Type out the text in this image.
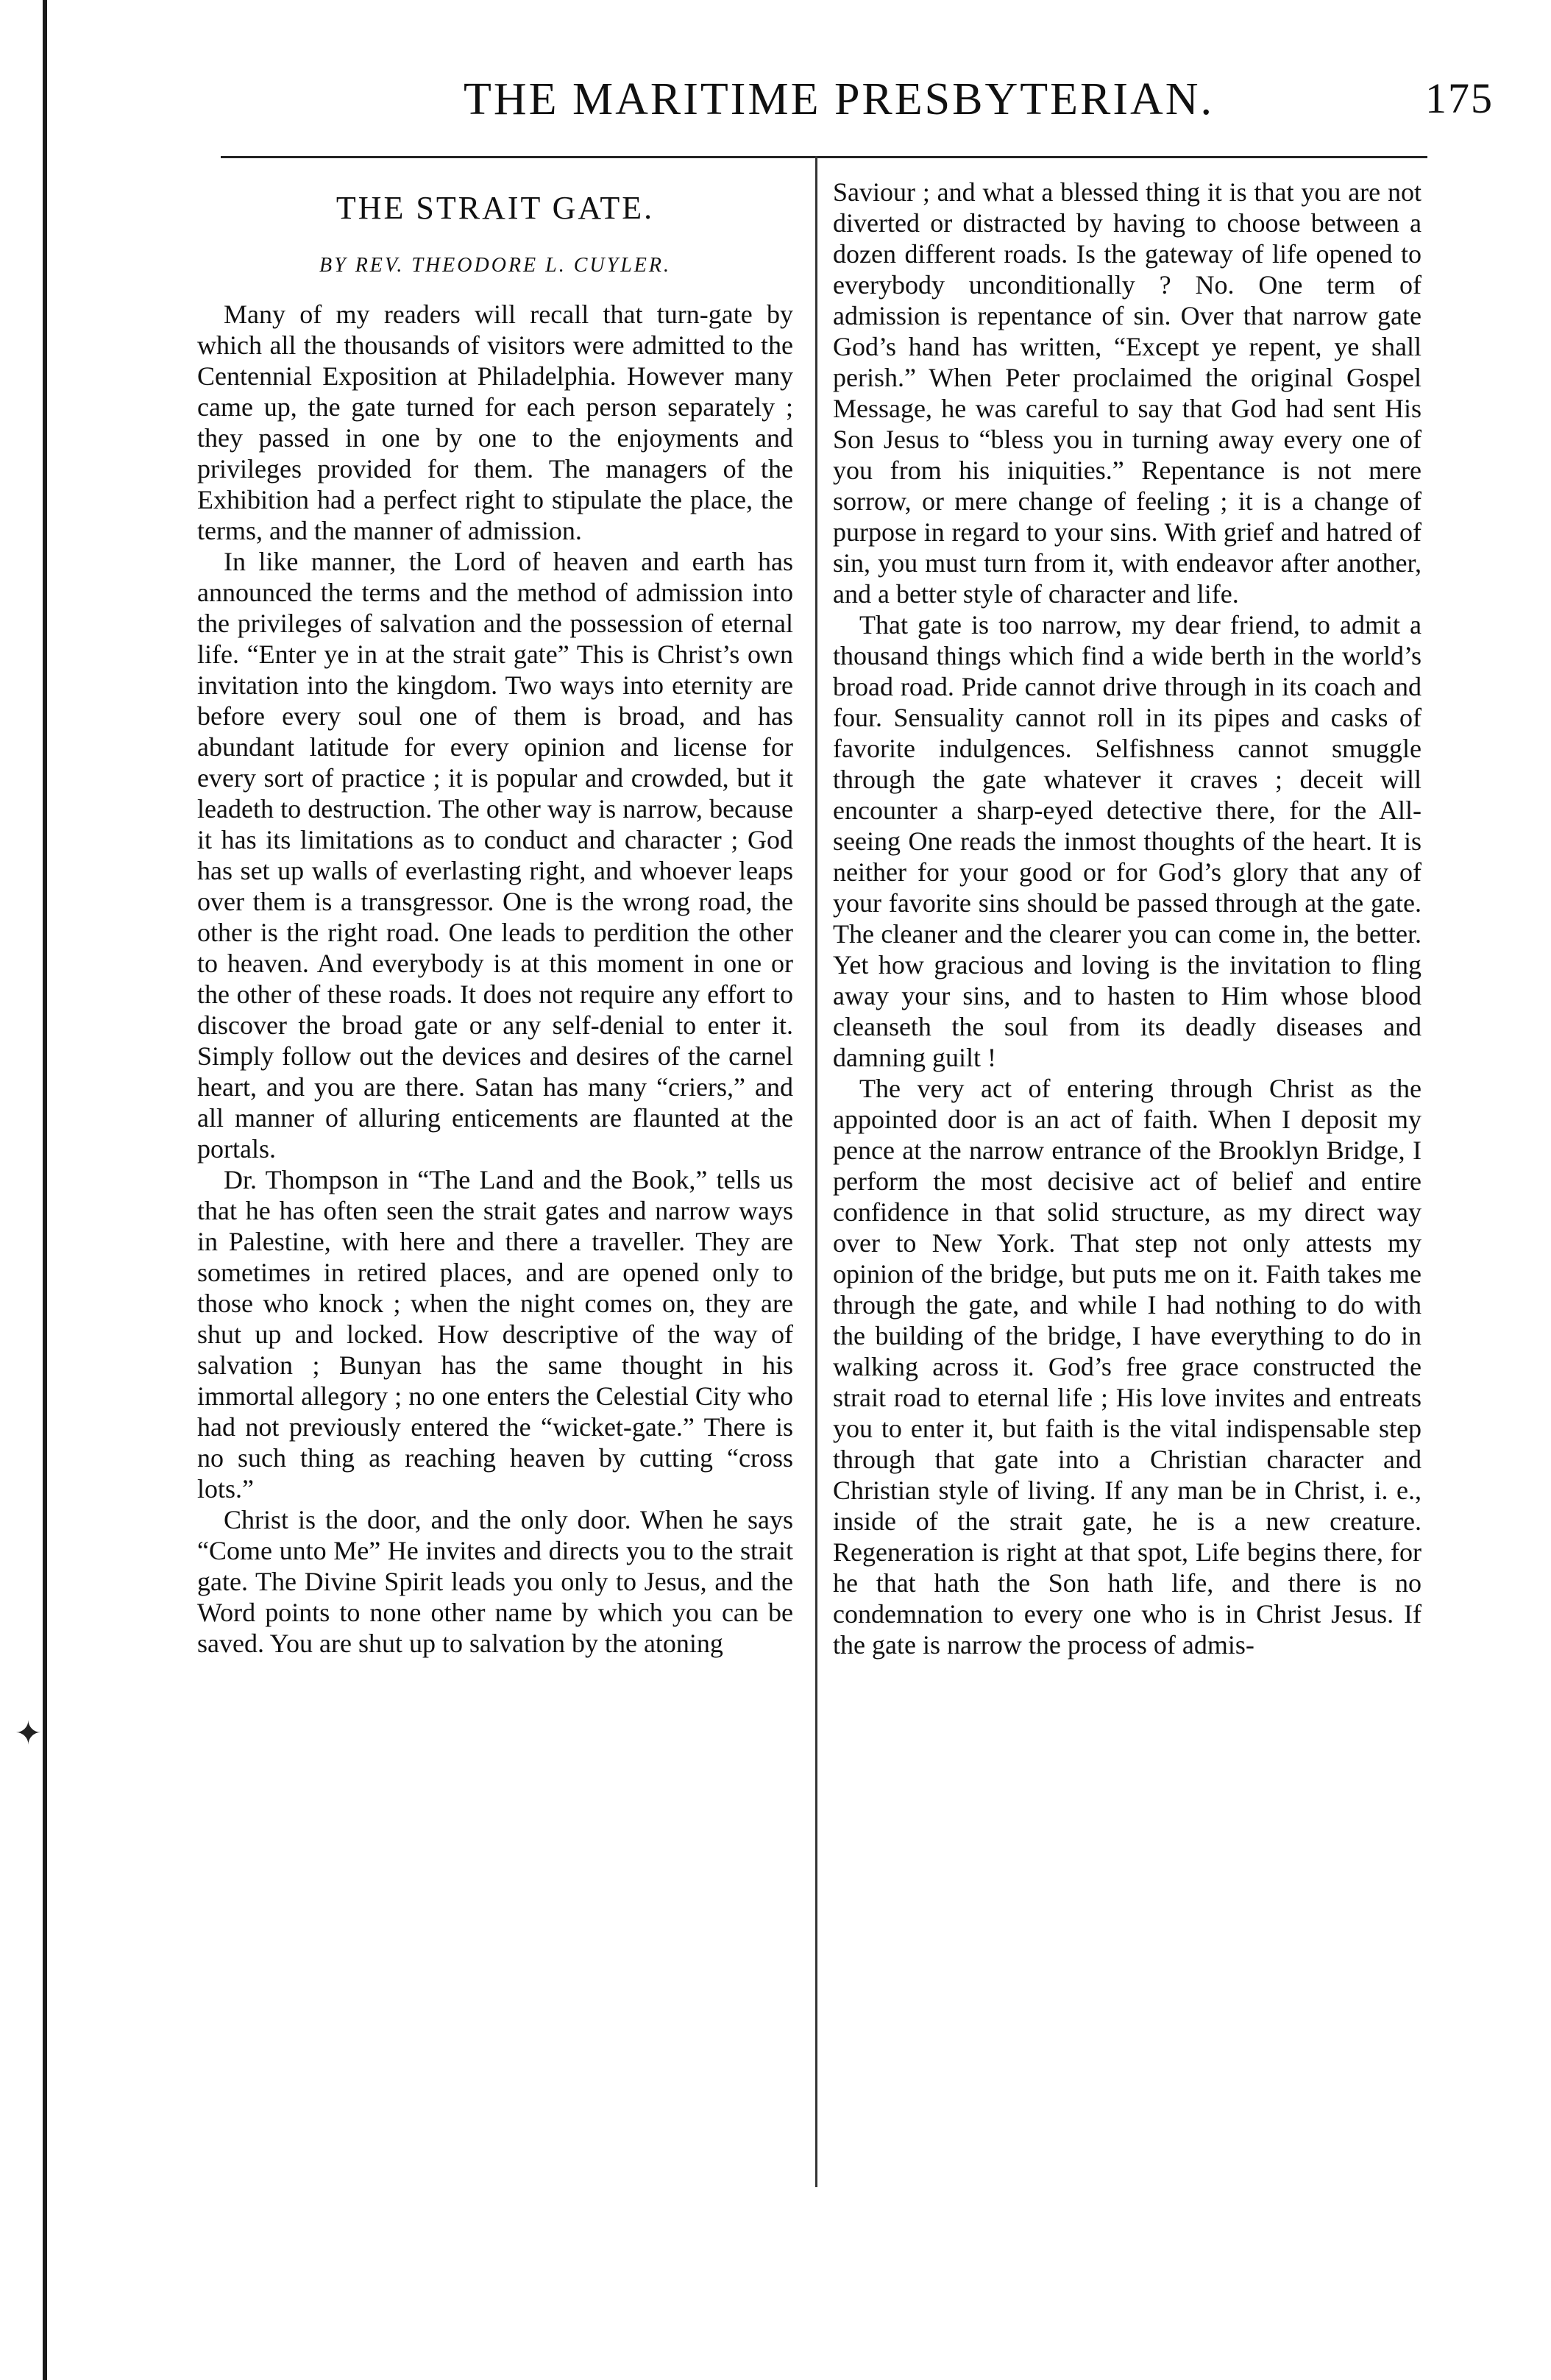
✦
THE MARITIME PRESBYTERIAN.	175
THE STRAIT GATE.
BY REV. THEODORE L. CUYLER.

Many of my readers will recall that turn-gate by which all the thousands of visitors were admitted to the Centennial Exposition at Philadelphia. However many came up, the gate turned for each person separately ; they passed in one by one to the enjoyments and privileges provided for them. The managers of the Exhibition had a perfect right to stipulate the place, the terms, and the manner of admission.

In like manner, the Lord of heaven and earth has announced the terms and the method of admission into the privileges of salvation and the possession of eternal life. “Enter ye in at the strait gate” This is Christ’s own invitation into the kingdom. Two ways into eternity are before every soul one of them is broad, and has abundant latitude for every opinion and license for every sort of practice ; it is popular and crowded, but it leadeth to destruction. The other way is narrow, because it has its limitations as to conduct and character ; God has set up walls of everlasting right, and whoever leaps over them is a transgressor. One is the wrong road, the other is the right road. One leads to perdition the other to heaven. And everybody is at this moment in one or the other of these roads. It does not require any effort to discover the broad gate or any self-denial to enter it. Simply follow out the devices and desires of the carnel heart, and you are there. Satan has many “criers,” and all manner of alluring enticements are flaunted at the portals.

Dr. Thompson in “The Land and the Book,” tells us that he has often seen the strait gates and narrow ways in Palestine, with here and there a traveller. They are sometimes in retired places, and are opened only to those who knock ; when the night comes on, they are shut up and locked. How descriptive of the way of salvation ; Bunyan has the same thought in his immortal allegory ; no one enters the Celestial City who had not previously entered the “wicket-gate.” There is no such thing as reaching heaven by cutting “cross lots.”

Christ is the door, and the only door. When he says “Come unto Me” He invites and directs you to the strait gate. The Divine Spirit leads you only to Jesus, and the Word points to none other name by which you can be saved. You are shut up to salvation by the atoning

Saviour ; and what a blessed thing it is that you are not diverted or distracted by having to choose between a dozen different roads. Is the gateway of life opened to everybody unconditionally ? No. One term of admission is repentance of sin. Over that narrow gate God’s hand has written, “Except ye repent, ye shall perish.” When Peter proclaimed the original Gospel Message, he was careful to say that God had sent His Son Jesus to “bless you in turning away every one of you from his iniquities.” Repentance is not mere sorrow, or mere change of feeling ; it is a change of purpose in regard to your sins. With grief and hatred of sin, you must turn from it, with endeavor after another, and a better style of character and life.

That gate is too narrow, my dear friend, to admit a thousand things which find a wide berth in the world’s broad road. Pride cannot drive through in its coach and four. Sensuality cannot roll in its pipes and casks of favorite indulgences. Selfishness cannot smuggle through the gate whatever it craves ; deceit will encounter a sharp-eyed detective there, for the All-seeing One reads the inmost thoughts of the heart. It is neither for your good or for God’s glory that any of your favorite sins should be passed through at the gate. The cleaner and the clearer you can come in, the better. Yet how gracious and loving is the invitation to fling away your sins, and to hasten to Him whose blood cleanseth the soul from its deadly diseases and damning guilt !

The very act of entering through Christ as the appointed door is an act of faith. When I deposit my pence at the narrow entrance of the Brooklyn Bridge, I perform the most decisive act of belief and entire confidence in that solid structure, as my direct way over to New York. That step not only attests my opinion of the bridge, but puts me on it. Faith takes me through the gate, and while I had nothing to do with the building of the bridge, I have everything to do in walking across it. God’s free grace constructed the strait road to eternal life ; His love invites and entreats you to enter it, but faith is the vital indispensable step through that gate into a Christian character and Christian style of living. If any man be in Christ, i. e., inside of the strait gate, he is a new creature. Regeneration is right at that spot, Life begins there, for he that hath the Son hath life, and there is no condemnation to every one who is in Christ Jesus. If the gate is narrow the process of admis-
